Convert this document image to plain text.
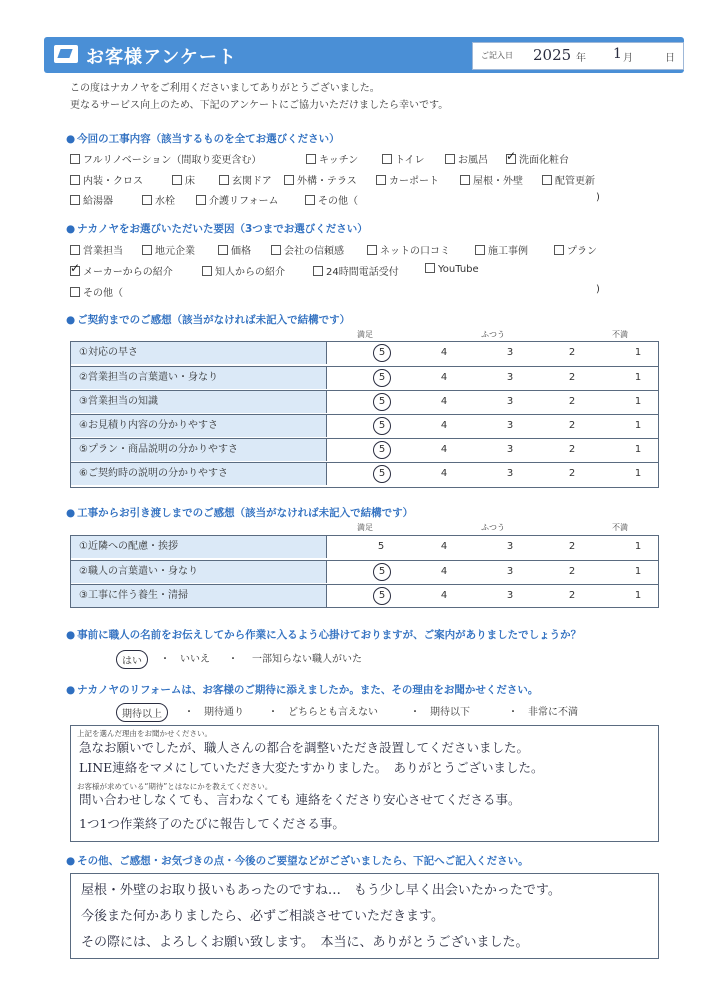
お客様アンケート	ご記入日 2025 年 1 月	日
この度はナカノヤをご利用くださいましてありがとうございました。
更なるサービス向上のため、下記のアンケートにご協力いただけましたら幸いです。
● 今回の工事内容（該当するものを全てお選びください）
フルリノベーション（間取り変更含む）	キッチン	トイレ	お風呂
✓	洗面化粧台
内装・クロス	床	玄関ドア	外構・テラス	カーポート	屋根・外壁	配管更新
給湯器	水栓	介護リフォーム	その他（	)
● ナカノヤをお選びいただいた要因（3つまでお選びください）
営業担当	地元企業	価格	会社の信頼感	ネットの口コミ	施工事例	プラン
✓メーカーからの紹介	知人からの紹介	24時間電話受付	YouTube
その他（	)
● ご契約までのご感想（該当がなければ未記入で結構です）
満足	ふつう	不満
①対応の早さ	5	4	3	2	1
②営業担当の言葉遣い・身なり	5	4	3	2	1
③営業担当の知識	5	4	3	2	1
④お見積り内容の分かりやすさ	5	4	3	2	1
⑤プラン・商品説明の分かりやすさ	5	4	3	2	1
⑥ご契約時の説明の分かりやすさ	5	4	3	2	1
● 工事からお引き渡しまでのご感想（該当がなければ未記入で結構です）
満足	ふつう	不満
①近隣への配慮・挨拶	5	4	3	2	1
②職人の言葉遣い・身なり	5	4	3	2	1
③工事に伴う養生・清掃	5	4	3	2	1
● 事前に職人の名前をお伝えしてから作業に入るよう心掛けておりますが、ご案内がありましたでしょうか？
はい	・ いいえ ・ 一部知らない職人がいた
● ナカノヤのリフォームは、お客様のご期待に添えましたか。また、その理由をお聞かせください。
期待以上	・ 期待通り ・ どちらとも言えない	・ 期待以下	・ 非常に不満
上記を選んだ理由をお聞かせください。
急なお願いでしたが、職人さんの都合を調整いただき設置してくださいました。
LINE連絡をマメにしていただき大変たすかりました。　ありがとうございました。
お客様が求めている“期待”とはなにかを教えてください。
問い合わせしなくても、言わなくても 連絡をくださり安心させてくださる事。
1つ1つ作業終了のたびに報告してくださる事。
● その他、ご感想・お気づきの点・今後のご要望などがございましたら、下記へご記入ください。
屋根・外壁のお取り扱いもあったのですね…　もう少し早く出会いたかったです。
今後また何かありましたら、必ずご相談させていただきます。
その際には、よろしくお願い致します。　本当に、ありがとうございました。
